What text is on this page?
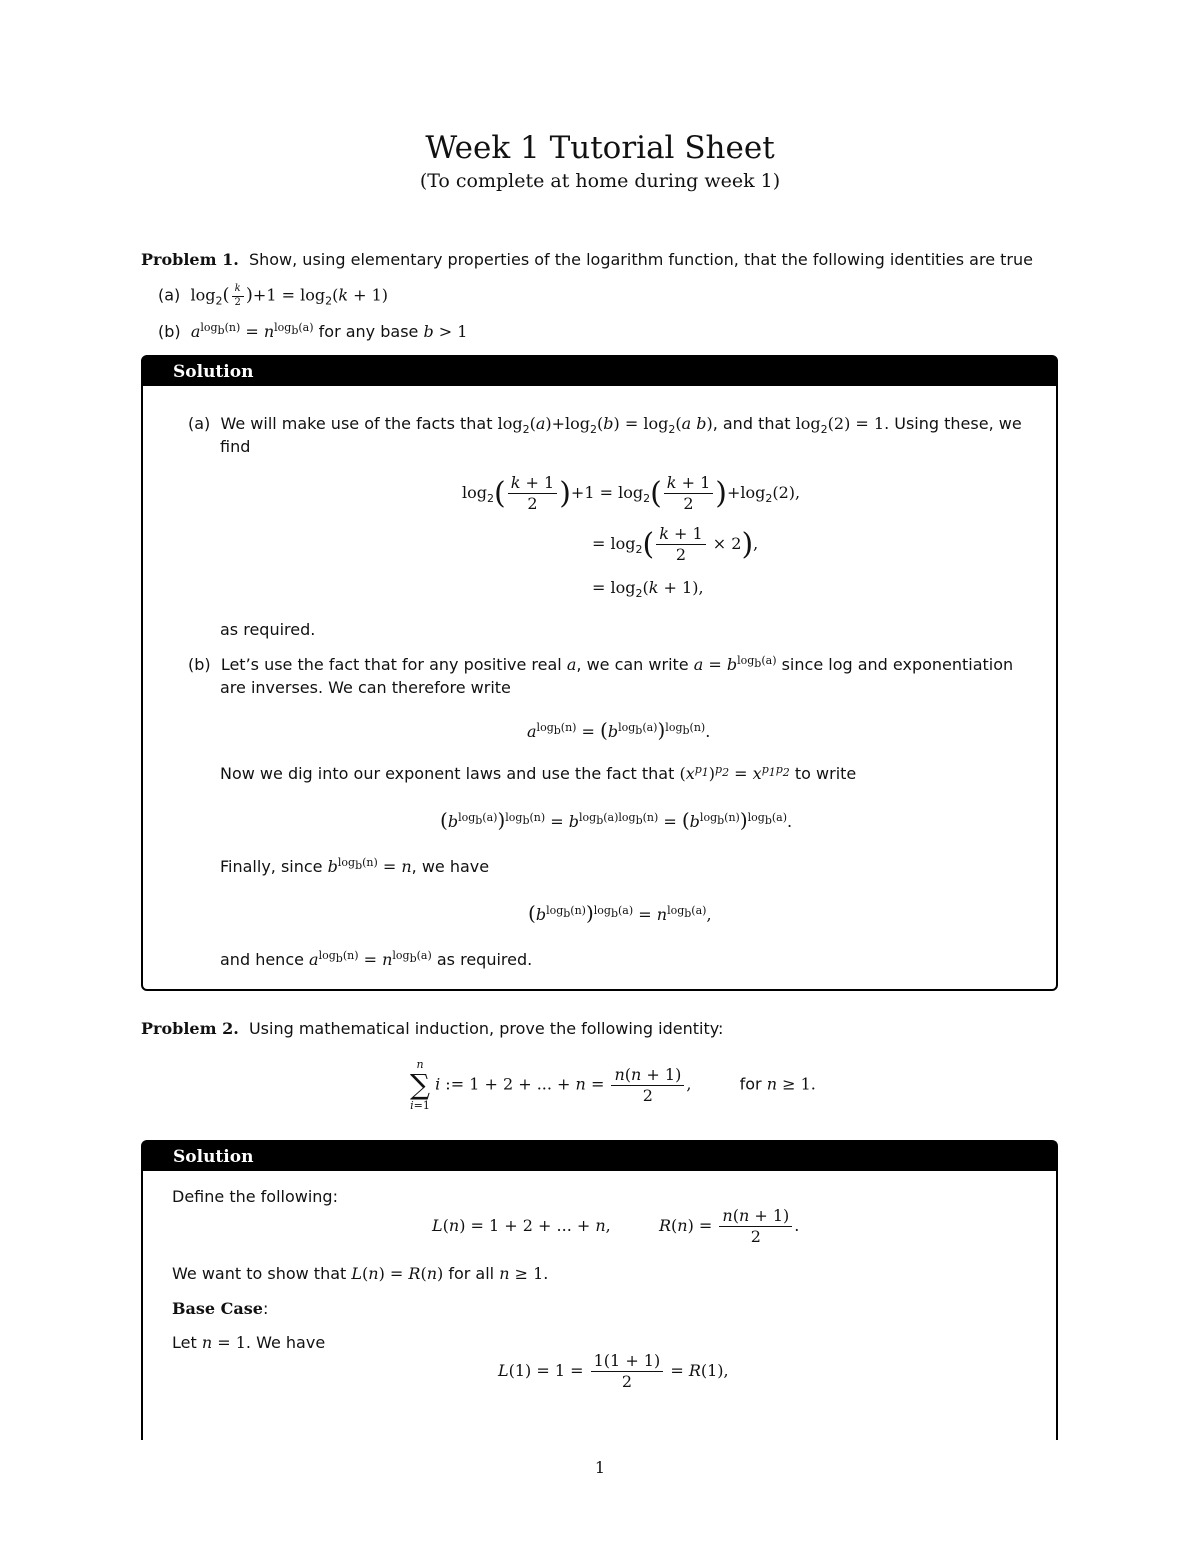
Week 1 Tutorial Sheet
(To complete at home during week 1)
Problem 1. Show, using elementary properties of the logarithm function, that the following identities are true
(a) $\log_2( \frac{k}{2} )+1 = \log_2(k + 1)$
(b) $a^{log_b(n)} = n^{log_b(a)}$ for any base b > 1
Solution
(a) We will make use of the facts that $\log_2(a)+\log_2(b) = \log_2(a$ b), and that $\log_2(2) = 1$. Using these, we
find
$\log_2( \frac{k + 1}{2} )+1 = \log_2( \frac{k + 1}{2} )+\log_2(2)$,
= $\log_2( \frac{k + 1}{2} \times 2)$,
= $\log_2(k + 1)$,
as required.
(b) Let’s use the fact that for any positive real a, we can write $a = b^{log_b(a)}$ since log and exponentiation
are inverses. We can therefore write
$a^{log_b(n)} = (b^{log_b(a)})^{log_b(n)}$.
Now we dig into our exponent laws and use the fact that $(x^{p_1})^{p_2} = x^{p_1p_2}$ to write
$(b^{log_b(a)})^{log_b(n)} = b^{log_b(a)log_b(n)} = (b^{log_b(n)})^{log_b(a)}$.
Finally, since $b^{log_b(n)} = n$, we have
$(b^{log_b(n)})^{log_b(a)} = n^{log_b(a)}$,
and hence $a^{log_b(n)} = n^{log_b(a)}$ as required.
Problem 2. Using mathematical induction, prove the following identity:
n
∑
i=1
i := 1 + 2 + ... + $n = \frac{n(n + 1)}{2}$ ,	for n ≥ 1.
Solution
Define the following:
L(n) = 1 + 2 + ... + n,	$R(n) = \frac{n(n + 1)}{2}$ .
We want to show that L(n) = R(n) for all n ≥ 1.
Base Case:
Let n = 1. We have
$L(1) = 1 = \frac{1(1 + 1)}{2} = R(1)$,
1
